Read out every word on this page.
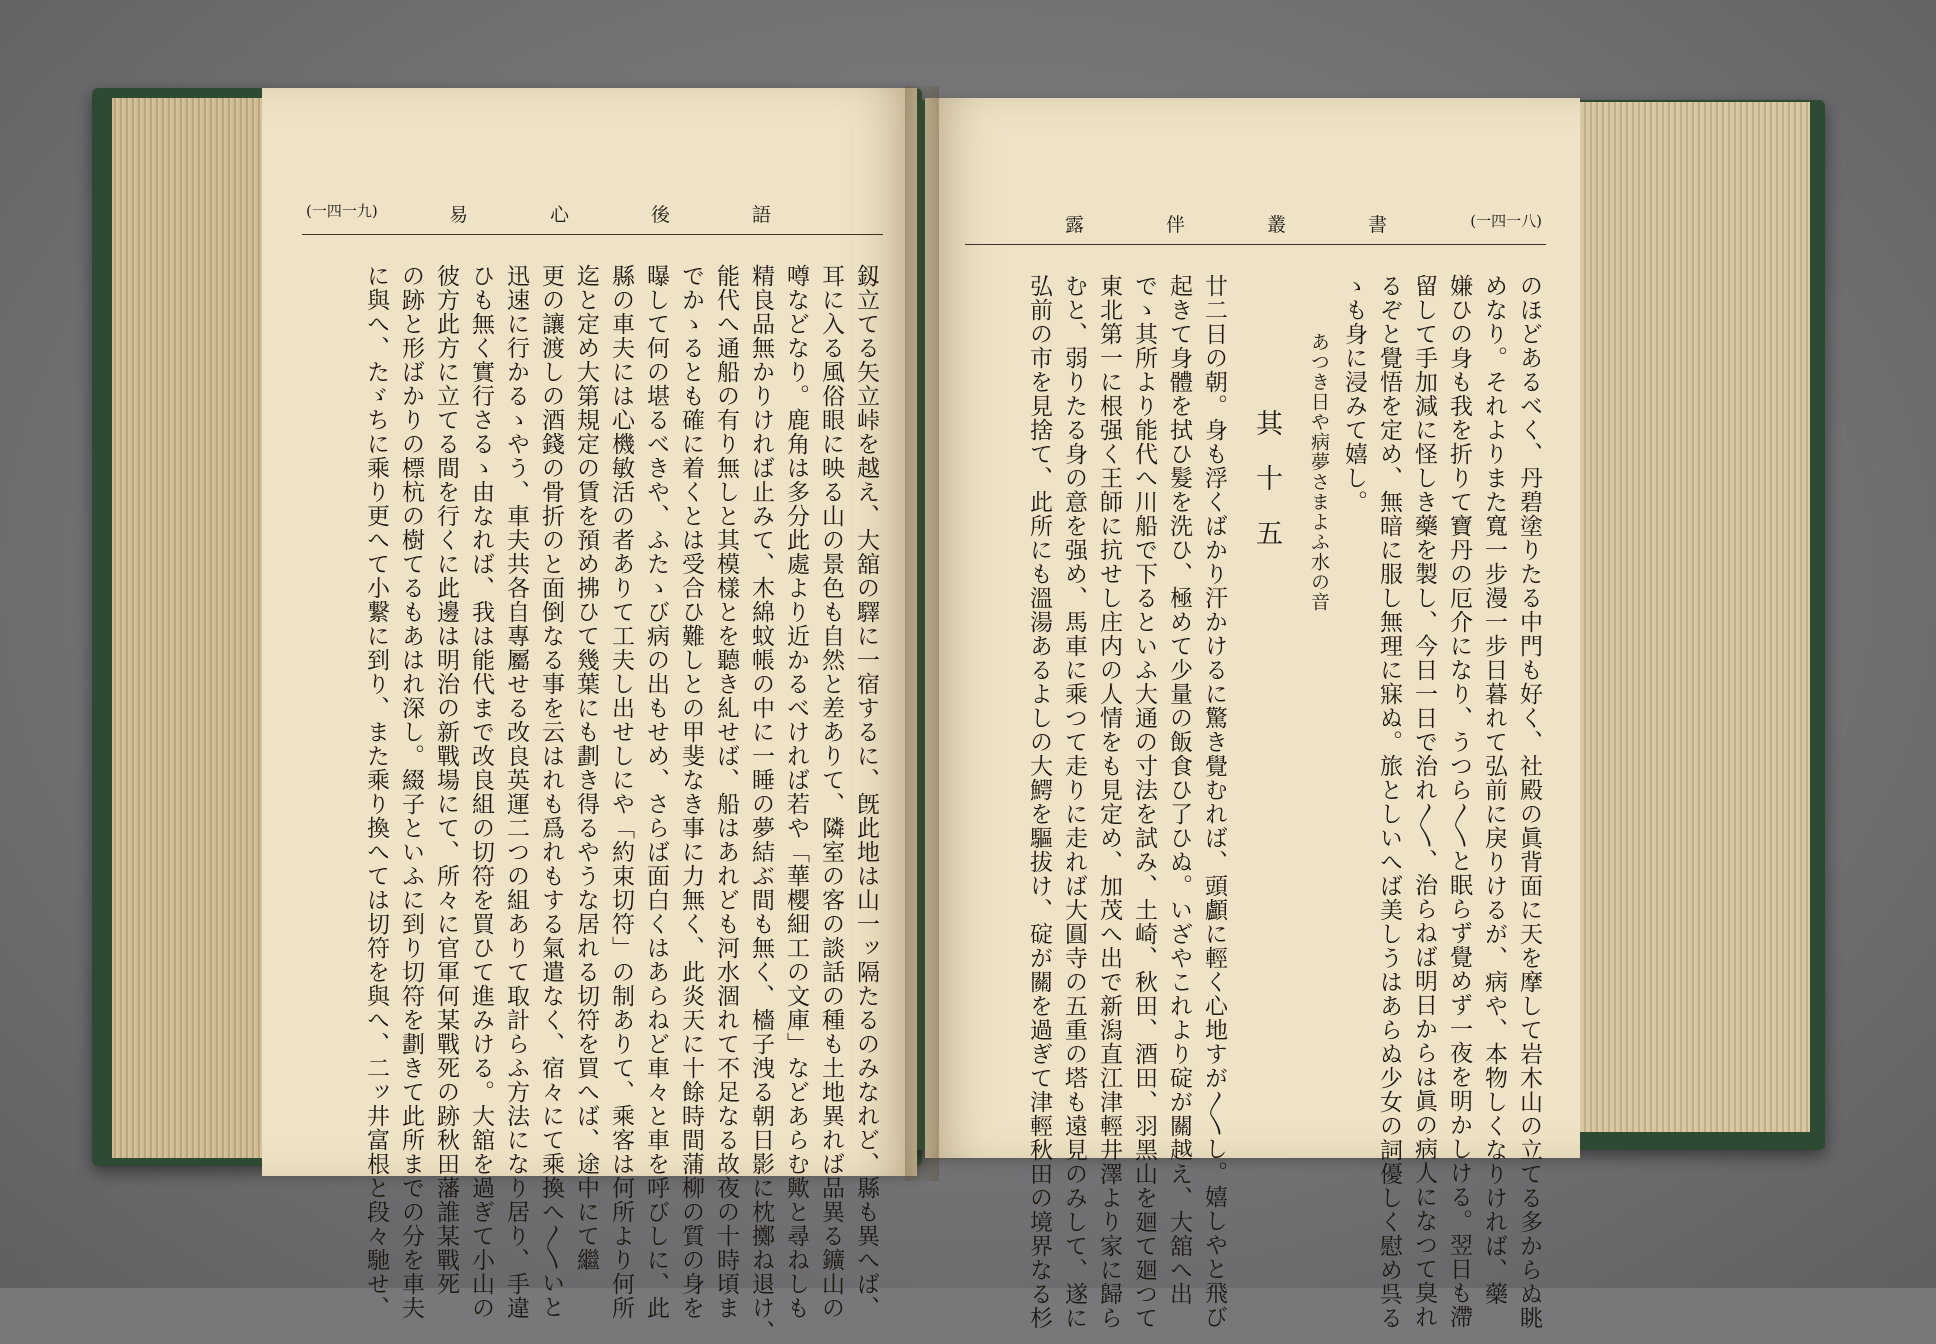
(一四一九)	易心後語
釼立てる矢立峠を越え、大舘の驛に一宿するに、旣此地は山一ッ隔たるのみなれど、縣も異へば、
耳に入る風俗眼に映る山の景色も自然と差ありて、隣室の客の談話の種も土地異れば品異る鑛山の
噂などなり。鹿角は多分此處より近かるべければ若や「華櫻細工の文庫」などあらむ歟と尋ねしも
精良品無かりければ止みて、木綿蚊帳の中に一睡の夢結ぶ間も無く、檣子洩る朝日影に枕擲ね退け、
能代へ通船の有り無しと其模樣とを聽き糺せば、船はあれども河水涸れて不足なる故夜の十時頃ま
でかゝるとも確に着くとは受合ひ難しとの甲斐なき事に力無く、此炎天に十餘時間蒲柳の質の身を
曝して何の堪るべきや、ふたゝび病の出もせめ、さらば面白くはあらねど車々と車を呼びしに、此
縣の車夫には心機敏活の者ありて工夫し出せしにや「約束切符」の制ありて、乘客は何所より何所
迄と定め大第規定の賃を預め拂ひて幾葉にも劃き得るやうな居れる切符を買へば、途中にて繼
更の讓渡しの酒錢の骨折のと面倒なる事を云はれも爲れもする氣遣なく、宿々にて乘換へ〳〵いと
迅速に行かるゝやう、車夫共各自專屬せる改良英運二つの組ありて取計らふ方法になり居り、手違
ひも無く實行さるゝ由なれば、我は能代まで改良組の切符を買ひて進みける。大舘を過ぎて小山の
彼方此方に立てる間を行くに此邊は明治の新戰場にて、所々に官軍何某戰死の跡秋田藩誰某戰死
の跡と形ばかりの標杭の樹てるもあはれ深し。綴子といふに到り切符を劃きて此所までの分を車夫
に與へ、たゞちに乘り更へて小繋に到り、また乘り換へては切符を與へ、二ッ井富根と段々馳せ、
露伴叢書 (一四一八)
のほどあるべく、丹碧塗りたる中門も好く、社殿の眞背面に天を摩して岩木山の立てる多からぬ眺
めなり。それよりまた寬一步漫一步日暮れて弘前に戾りけるが、病や、本物しくなりければ、藥
嫌ひの身も我を折りて寶丹の厄介になり、うつら〳〵と眠らず覺めず一夜を明かしける。翌日も滯
留して手加減に怪しき藥を製し、今日一日で治れ〳〵、治らねば明日からは眞の病人になつて臭れ
るぞと覺悟を定め、無暗に服し無理に寐ぬ。旅としいへば美しうはあらぬ少女の詞優しく慰め呉る
ゝも身に浸みて嬉し。
あつき日や病夢さまよふ水の音
其十五
廿二日の朝。身も浮くばかり汗かけるに驚き覺むれば、頭顱に輕く心地すが〳〵し。嬉しやと飛び
起きて身體を拭ひ髮を洗ひ、極めて少量の飯食ひ了ひぬ。いざやこれより碇が關越え、大舘へ出
でゝ其所より能代へ川船で下るといふ大通の寸法を試み、土崎、秋田、酒田、羽黑山を廻て廻つて
東北第一に根强く王師に抗せし庄内の人情をも見定め、加茂へ出で新潟直江津輕井澤より家に歸ら
むと、弱りたる身の意を强め、馬車に乘つて走りに走れば大圓寺の五重の塔も遠見のみして、遂に
弘前の市を見捨て、此所にも溫湯あるよしの大鰐を驅拔け、碇が關を過ぎて津輕秋田の境界なる杉
